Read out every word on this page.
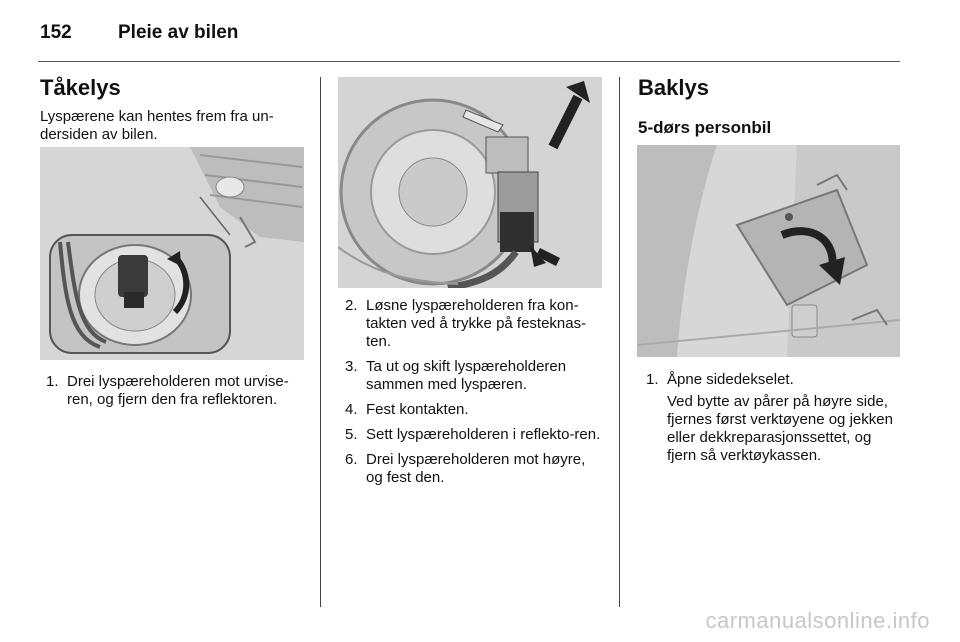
152	Pleie av bilen
Tåkelys

Lyspærene kan hentes frem fra un-dersiden av bilen.

1. Drei lyspæreholderen mot urvise-ren, og fjern den fra reflektoren.
2. Løsne lyspæreholderen fra kon-takten ved å trykke på festeknas-ten.
3. Ta ut og skift lyspæreholderen sammen med lyspæren.
4. Fest kontakten.
5. Sett lyspæreholderen i reflekto-ren.
6. Drei lyspæreholderen mot høyre, og fest den.
Baklys
5-dørs personbil
1. Åpne sidedekselet.

Ved bytte av pårer på høyre side, fjernes først verktøyene og jekken eller dekkreparasjonssettet, og fjern så verktøykassen.

carmanualsonline.info
